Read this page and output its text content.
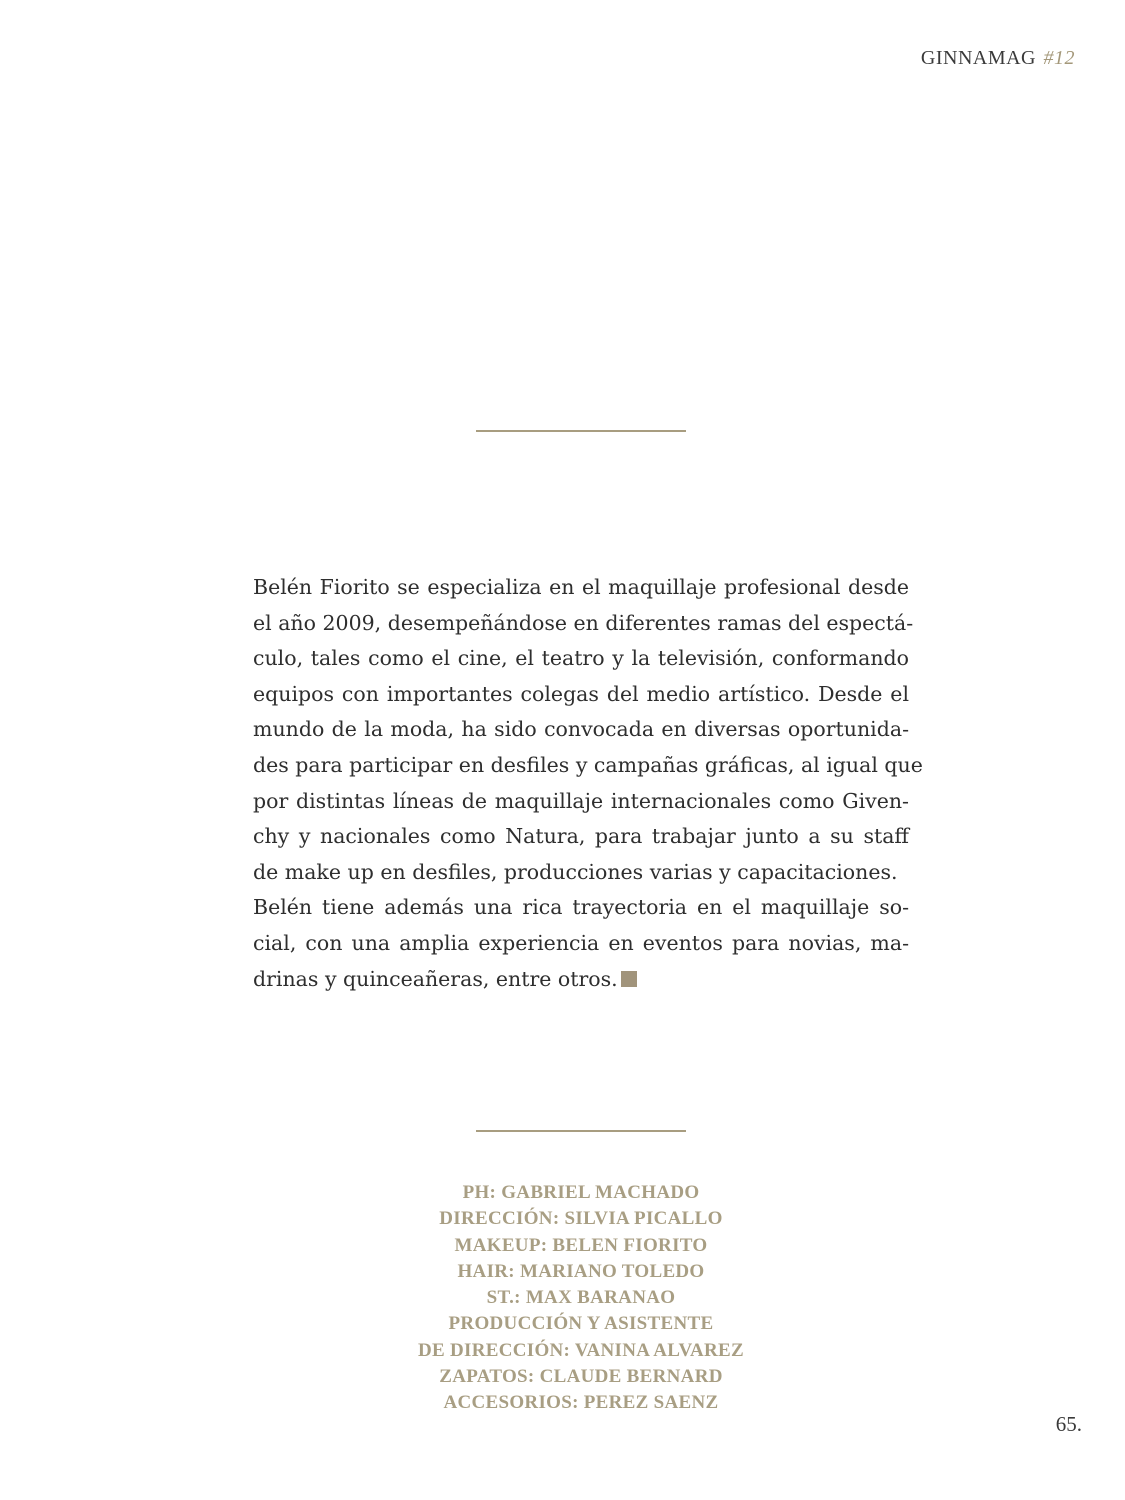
GINNAMAG #12
Belén Fiorito se especializa en el maquillaje profesional desde
el año 2009, desempeñándose en diferentes ramas del espectá-
culo, tales como el cine, el teatro y la televisión, conformando
equipos con importantes colegas del medio artístico. Desde el
mundo de la moda, ha sido convocada en diversas oportunida-
des para participar en desfiles y campañas gráficas, al igual que
por distintas líneas de maquillaje internacionales como Given-
chy y nacionales como Natura, para trabajar junto a su staff
de make up en desfiles, producciones varias y capacitaciones.
Belén tiene además una rica trayectoria en el maquillaje so-
cial, con una amplia experiencia en eventos para novias, ma-
drinas y quinceañeras, entre otros.
PH: GABRIEL MACHADO
DIRECCIÓN: SILVIA PICALLO
MAKEUP: BELEN FIORITO
HAIR: MARIANO TOLEDO
ST.: MAX BARANAO
PRODUCCIÓN Y ASISTENTE
DE DIRECCIÓN: VANINA ALVAREZ
ZAPATOS: CLAUDE BERNARD
ACCESORIOS: PEREZ SAENZ
65.
